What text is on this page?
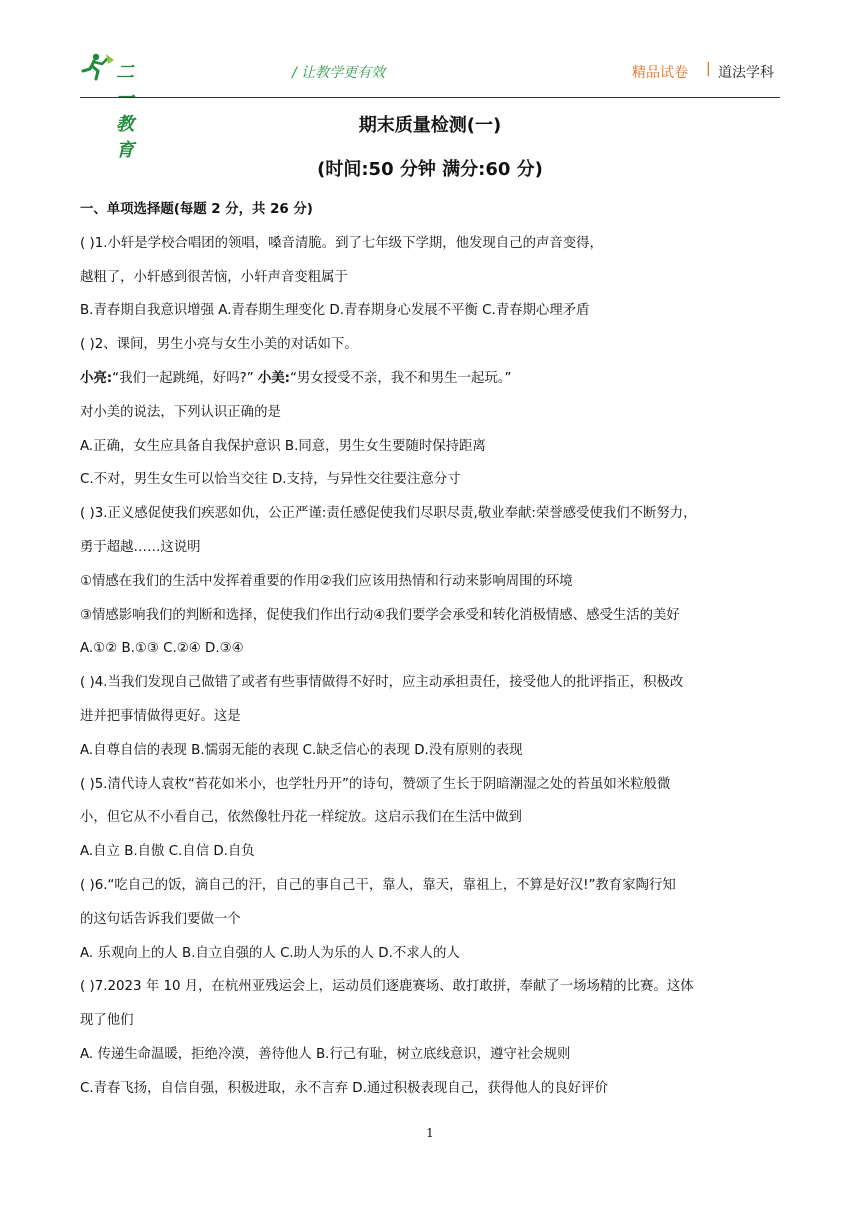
二一教育
/ 让教学更有效	精品试卷 | 道法学科
期末质量检测(一)
(时间:50 分钟 满分:60 分)
一、单项选择题(每题 2 分，共 26 分)
( )1.小轩是学校合唱团的领唱，嗓音清脆。到了七年级下学期，他发现自己的声音变得，
越粗了，小轩感到很苦恼，小轩声音变粗属于
B.青春期自我意识增强 A.青春期生理变化 D.青春期身心发展不平衡 C.青春期心理矛盾
( )2、课间，男生小亮与女生小美的对话如下。
小亮:“我们一起跳绳，好吗?” 小美:“男女授受不亲，我不和男生一起玩。”
对小美的说法，下列认识正确的是
A.正确，女生应具备自我保护意识 B.同意，男生女生要随时保持距离
C.不对，男生女生可以恰当交往 D.支持，与异性交往要注意分寸
( )3.正义感促使我们疾恶如仇，公正严谨:责任感促使我们尽职尽责,敬业奉献:荣誉感受使我们不断努力，
勇于超越……这说明
①情感在我们的生活中发挥着重要的作用②我们应该用热情和行动来影响周围的环境
③情感影响我们的判断和选择，促使我们作出行动④我们要学会承受和转化消极情感、感受生活的美好
A.①② B.①③ C.②④ D.③④
( )4.当我们发现自己做错了或者有些事情做得不好时，应主动承担责任，接受他人的批评指正，积极改
进并把事情做得更好。这是
A.自尊自信的表现 B.懦弱无能的表现 C.缺乏信心的表现 D.没有原则的表现
( )5.清代诗人袁枚“苔花如米小，也学牡丹开”的诗句，赞颂了生长于阴暗潮湿之处的苔虽如米粒般微
小，但它从不小看自己，依然像牡丹花一样绽放。这启示我们在生活中做到
A.自立 B.自傲 C.自信 D.自负
( )6.“吃自己的饭，滴自己的汗，自己的事自己干，靠人，靠天，靠祖上，不算是好汉!”教育家陶行知
的这句话告诉我们要做一个
A. 乐观向上的人 B.自立自强的人 C.助人为乐的人 D.不求人的人
( )7.2023 年 10 月，在杭州亚残运会上，运动员们逐鹿赛场、敢打敢拼，奉献了一场场精的比赛。这体
现了他们
A. 传递生命温暖，拒绝冷漠，善待他人 B.行己有耻，树立底线意识，遵守社会规则
C.青春飞扬，自信自强，积极进取，永不言弃 D.通过积极表现自己，获得他人的良好评价
1
